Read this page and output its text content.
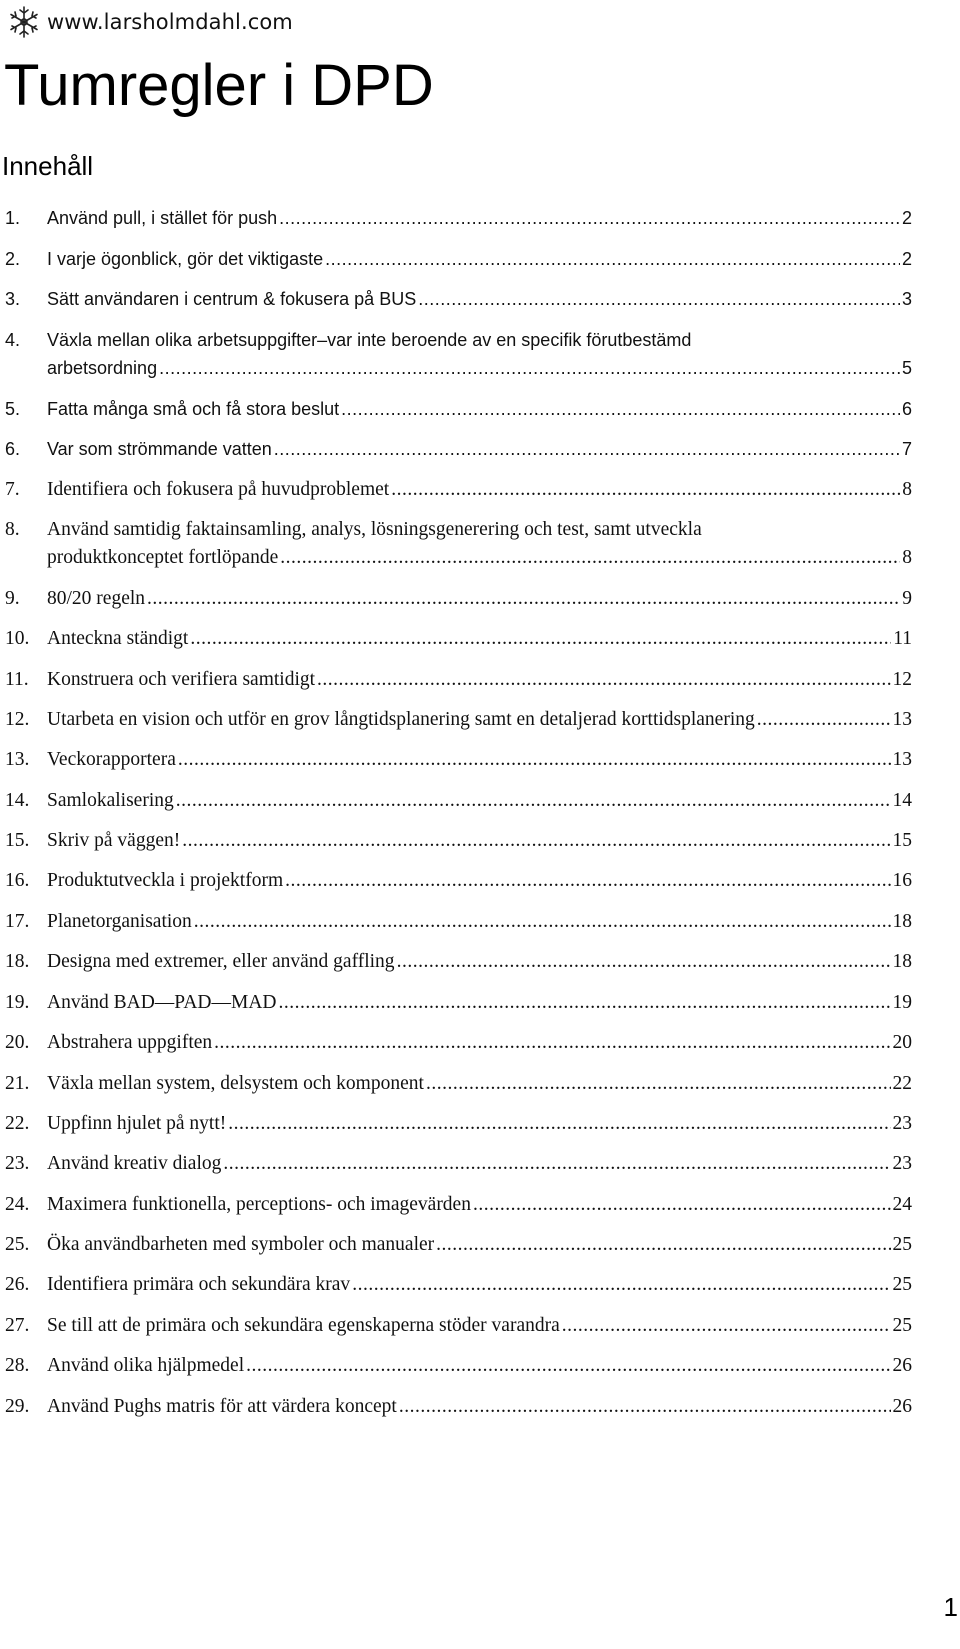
www.larsholmdahl.com
Tumregler i DPD
Innehåll
1. Använd pull, i stället för push .....	2
2. I varje ögonblick, gör det viktigaste .....	2
3. Sätt användaren i centrum & fokusera på BUS .....	3
4. Växla mellan olika arbetsuppgifter–var inte beroende av en specifik förutbestämd
arbetsordning .....	5
5. Fatta många små och få stora beslut .....	6
6. Var som strömmande vatten .....	7
7. Identifiera och fokusera på huvudproblemet .....	8
8. Använd samtidig faktainsamling, analys, lösningsgenerering och test, samt utveckla
produktkonceptet fortlöpande .....	8
9. 80/20 regeln .....	9
10. Anteckna ständigt .....	11
11. Konstruera och verifiera samtidigt .....	12
12. Utarbeta en vision och utför en grov långtidsplanering samt en detaljerad korttidsplanering .....	13
13. Veckorapportera .....	13
14. Samlokalisering .....	14
15. Skriv på väggen! .....	15
16. Produktutveckla i projektform .....	16
17. Planetorganisation .....	18
18. Designa med extremer, eller använd gaffling .....	18
19. Använd BAD—PAD—MAD .....	19
20. Abstrahera uppgiften .....	20
21. Växla mellan system, delsystem och komponent .....	22
22. Uppfinn hjulet på nytt! .....	23
23. Använd kreativ dialog .....	23
24. Maximera funktionella, perceptions- och imagevärden .....	24
25. Öka användbarheten med symboler och manualer .....	25
26. Identifiera primära och sekundära krav .....	25
27. Se till att de primära och sekundära egenskaperna stöder varandra .....	25
28. Använd olika hjälpmedel .....	26
29. Använd Pughs matris för att värdera koncept .....	26
1
